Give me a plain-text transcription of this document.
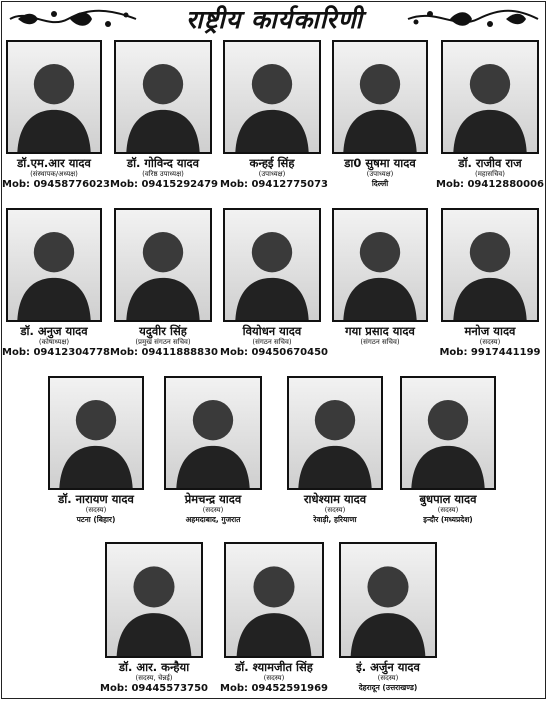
राष्ट्रीय कार्यकारिणी
डॉ.एम.आर यादव
(संस्थापक/अध्यक्ष)
Mob: 09458776023
डॉ. गोविन्द यादव
(वरिष्ठ उपाध्यक्ष)
Mob: 09415292479
कन्हई सिंह
(उपाध्यक्ष)
Mob: 09412775073
डा0 सुषमा यादव
(उपाध्यक्ष)
दिल्ली
डॉ. राजीव राज
(महासचिव)
Mob: 09412880006
डॉ. अनुज यादव
(कोषाध्यक्ष)
Mob: 09412304778
यदुवीर सिंह
(प्रमुख संगठन सचिव)
Mob: 09411888830
वियोधन यादव
(संगठन सचिव)
Mob: 09450670450
गया प्रसाद यादव
(संगठन सचिव)
मनोज यादव
(सदस्य)
Mob: 9917441199
डॉ. नारायण यादव
(सदस्य)
पटना (बिहार)
प्रेमचन्द्र यादव
(सदस्य)
अहमदाबाद, गुजरात
राधेश्याम यादव
(सदस्य)
रेवाड़ी, हरियाणा
बुधपाल यादव
(सदस्य)
इन्दौर (मध्यप्रदेश)
डॉ. आर. कन्हैया
(सदस्य, चेन्नई)
Mob: 09445573750
डॉ. श्यामजीत सिंह
(सदस्य)
Mob: 09452591969
इं. अर्जुन यादव
(सदस्य)
देहरादून (उत्तराखण्ड)
